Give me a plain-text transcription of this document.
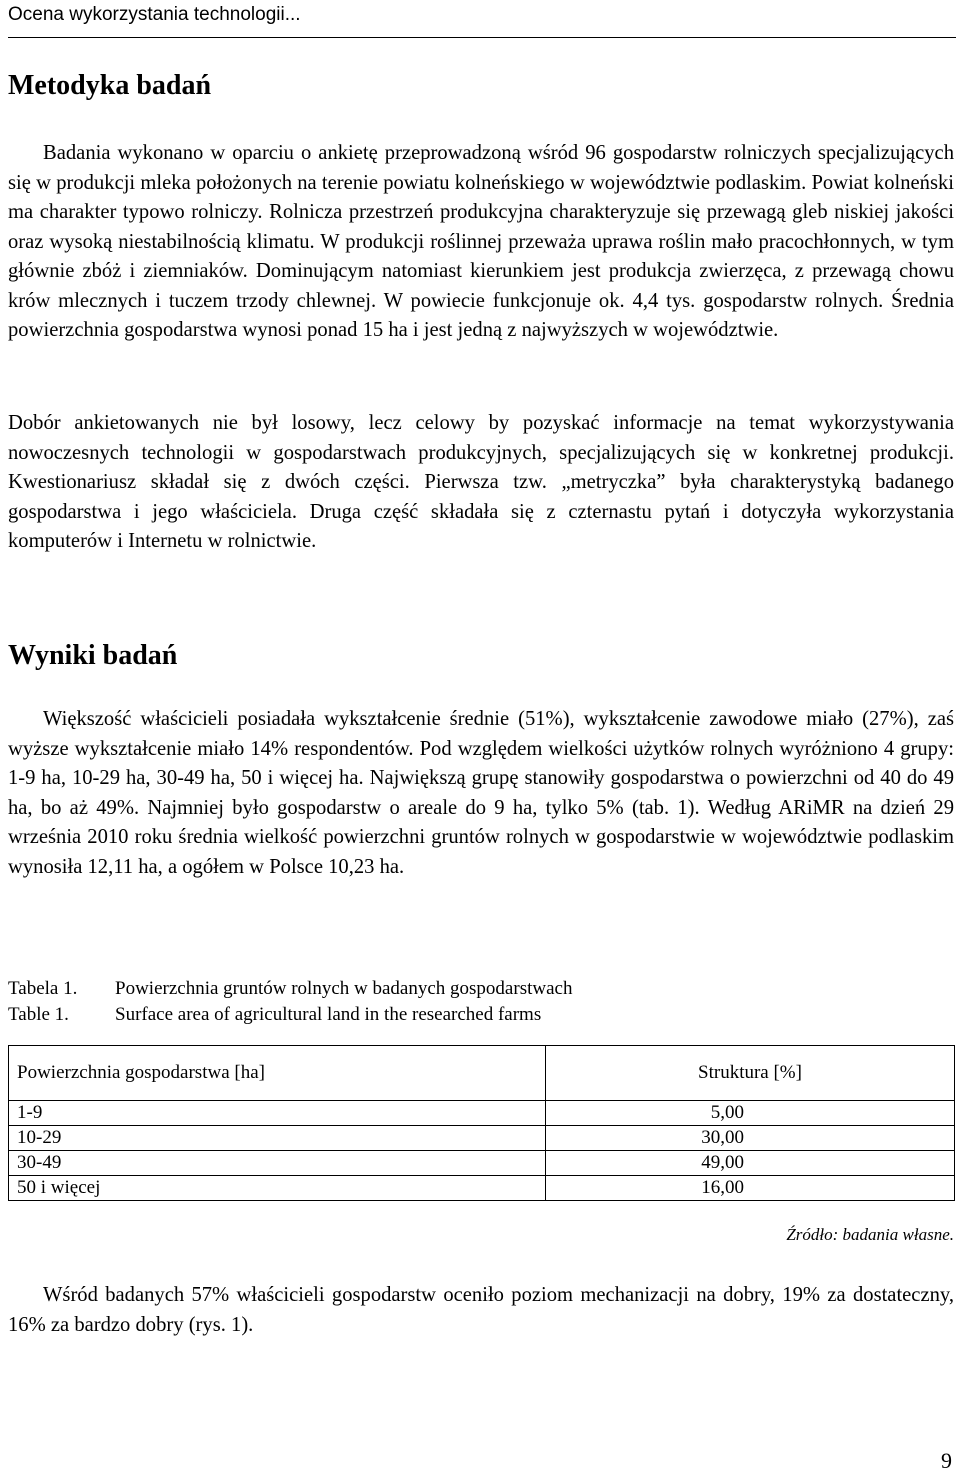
Ocena wykorzystania technologii...
Metodyka badań

Badania wykonano w oparciu o ankietę przeprowadzoną wśród 96 gospodarstw rolniczych specjalizujących się w produkcji mleka położonych na terenie powiatu kolneńskiego w województwie podlaskim. Powiat kolneński ma charakter typowo rolniczy. Rolnicza przestrzeń produkcyjna charakteryzuje się przewagą gleb niskiej jakości oraz wysoką niestabilnością klimatu. W produkcji roślinnej przeważa uprawa roślin mało pracochłonnych, w tym głównie zbóż i ziemniaków. Dominującym natomiast kierunkiem jest produkcja zwierzęca, z przewagą chowu krów mlecznych i tuczem trzody chlewnej. W powiecie funkcjonuje ok. 4,4 tys. gospodarstw rolnych. Średnia powierzchnia gospodarstwa wynosi ponad 15 ha i jest jedną z najwyższych w województwie.

Dobór ankietowanych nie był losowy, lecz celowy by pozyskać informacje na temat wykorzystywania nowoczesnych technologii w gospodarstwach produkcyjnych, specjalizujących się w konkretnej produkcji. Kwestionariusz składał się z dwóch części. Pierwsza tzw. „metryczka” była charakterystyką badanego gospodarstwa i jego właściciela. Druga część składała się z czternastu pytań i dotyczyła wykorzystania komputerów i Internetu w rolnictwie.

Wyniki badań

Większość właścicieli posiadała wykształcenie średnie (51%), wykształcenie zawodowe miało (27%), zaś wyższe wykształcenie miało 14% respondentów. Pod względem wielkości użytków rolnych wyróżniono 4 grupy: 1-9 ha, 10-29 ha, 30-49 ha, 50 i więcej ha. Największą grupę stanowiły gospodarstwa o powierzchni od 40 do 49 ha, bo aż 49%. Najmniej było gospodarstw o areale do 9 ha, tylko 5% (tab. 1). Według ARiMR na dzień 29 września 2010 roku średnia wielkość powierzchni gruntów rolnych w gospodarstwie w województwie podlaskim wynosiła 12,11 ha, a ogółem w Polsce 10,23 ha.

Tabela 1. Powierzchnia gruntów rolnych w badanych gospodarstwach
Table 1. Surface area of agricultural land in the researched farms
Powierzchnia gospodarstwa [ha]	Struktura [%]
1-9	5,00
10-29	30,00
30-49	49,00
50 i więcej	16,00
Źródło: badania własne.

Wśród badanych 57% właścicieli gospodarstw oceniło poziom mechanizacji na dobry, 19% za dostateczny, 16% za bardzo dobry (rys. 1).

9
